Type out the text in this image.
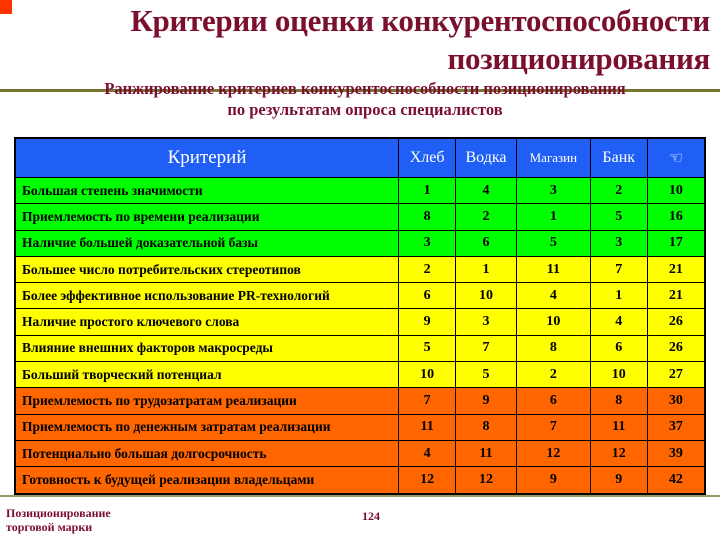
Критерии оценки конкурентоспособности
позиционирования
Ранжирование критериев конкурентоспособности позиционирования
по результатам опроса специалистов
Критерий	Хлеб	Водка	Магазин	Банк	☜
Большая степень значимости	1	4	3	2	10
Приемлемость по времени реализации	8	2	1	5	16
Наличие большей доказательной базы	3	6	5	3	17
Большее число потребительских стереотипов	2	1	11	7	21
Более эффективное использование PR-технологий	6	10	4	1	21
Наличие простого ключевого слова	9	3	10	4	26
Влияние внешних факторов макросреды	5	7	8	6	26
Больший творческий потенциал	10	5	2	10	27
Приемлемость по трудозатратам реализации	7	9	6	8	30
Приемлемость по денежным затратам реализации	11	8	7	11	37
Потенциально большая долгосрочность	4	11	12	12	39
Готовность к будущей реализации владельцами	12	12	9	9	42
Позиционирование
торговой марки
124
